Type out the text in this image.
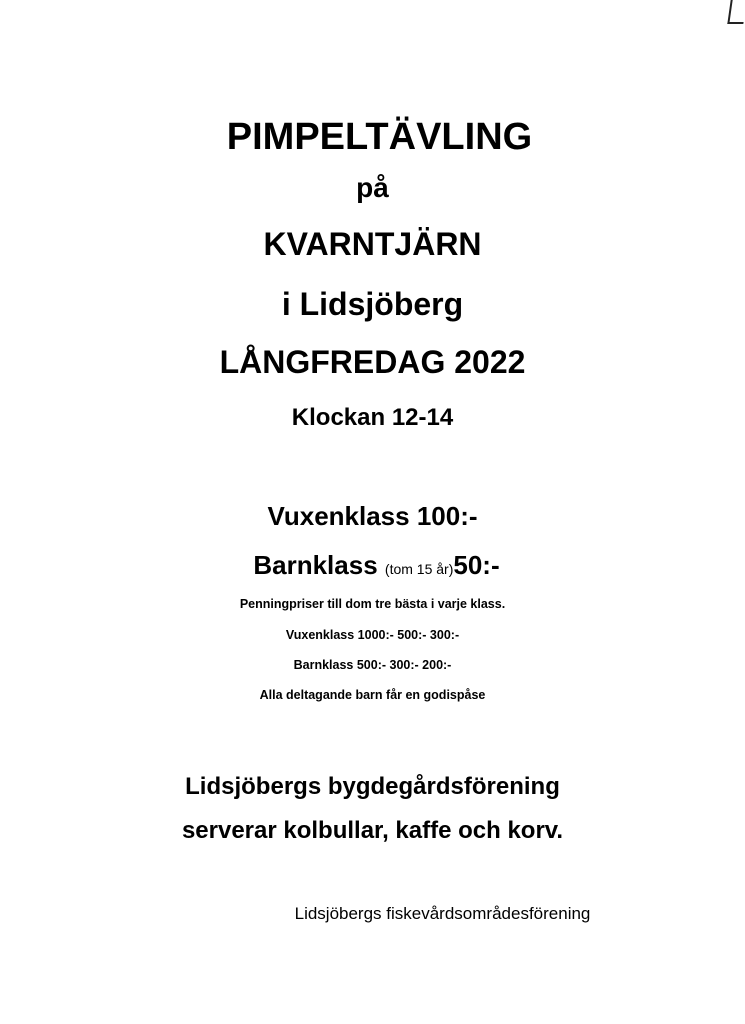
PIMPELTÄVLING
på
KVARNTJÄRN
i Lidsjöberg
LÅNGFREDAG 2022
Klockan 12-14
Vuxenklass 100:-
Barnklass (tom 15 år)50:-
Penningpriser till dom tre bästa i varje klass.
Vuxenklass 1000:- 500:- 300:-
Barnklass 500:- 300:- 200:-
Alla deltagande barn får en godispåse
Lidsjöbergs bygdegårdsförening
serverar kolbullar, kaffe och korv.
Lidsjöbergs fiskevårdsområdesförening
